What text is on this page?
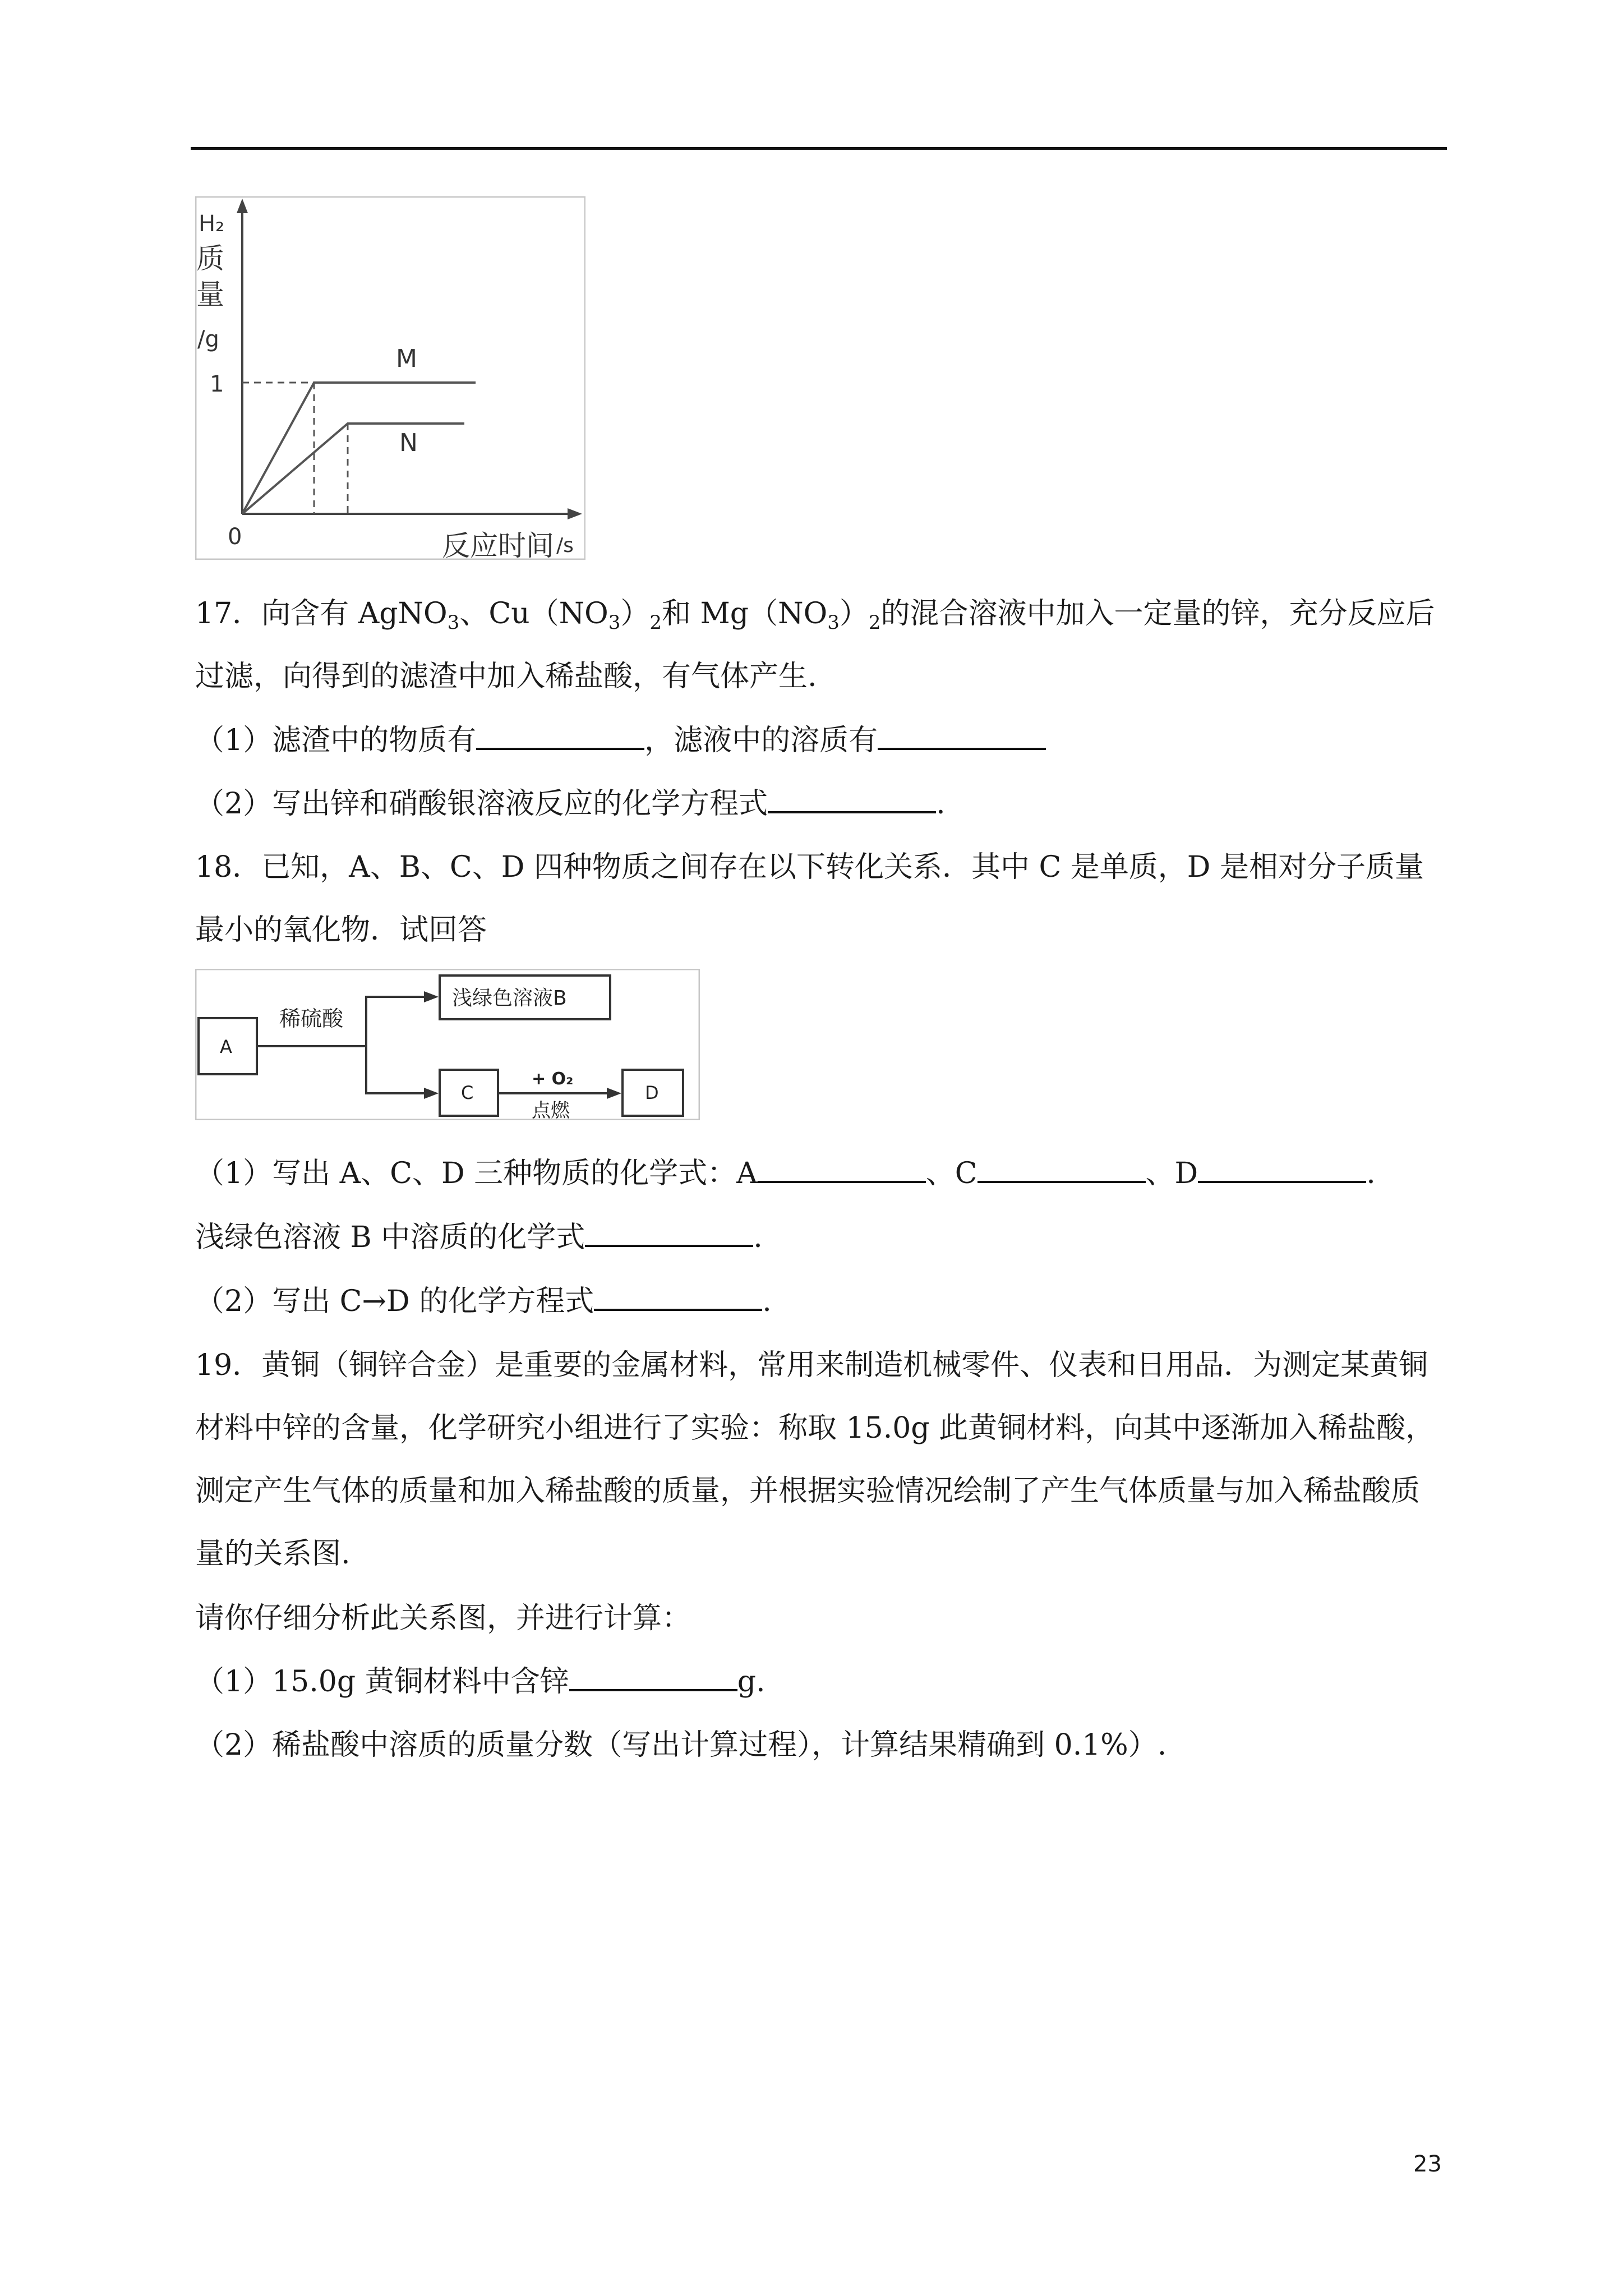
H₂
质
量
/g
1
0	反应时间 /s
M
N

17．向含有 AgNO$_3$、$Cu(NO_3)_2$和 $Mg(NO_3)_2$的混合溶液中加入一定量的锌，充分反应后过滤，向得到的滤渣中加入稀盐酸，有气体产生.

（1）滤渣中的物质有	，滤液中的溶质有
（2）写出锌和硝酸银溶液反应的化学方程式	.

18．已知，A、B、C、D 四种物质之间存在以下转化关系．其中 C 是单质，D 是相对分子质量最小的氧化物．试回答

A
稀硫酸
浅绿色溶液B
C
+ O₂
点燃
D
（1）写出 A、C、D 三种物质的化学式：A	、C	、D	.
浅绿色溶液 B 中溶质的化学式	.
（2）写出 C→D 的化学方程式	.

19．黄铜（铜锌合金）是重要的金属材料，常用来制造机械零件、仪表和日用品．为测定某黄铜材料中锌的含量，化学研究小组进行了实验：称取 15.0g 此黄铜材料，向其中逐渐加入稀盐酸，测定产生气体的质量和加入稀盐酸的质量，并根据实验情况绘制了产生气体质量与加入稀盐酸质量的关系图.

请你仔细分析此关系图，并进行计算：
（1）15.0g 黄铜材料中含锌	g.
（2）稀盐酸中溶质的质量分数（写出计算过程），计算结果精确到 0.1%）.
23
